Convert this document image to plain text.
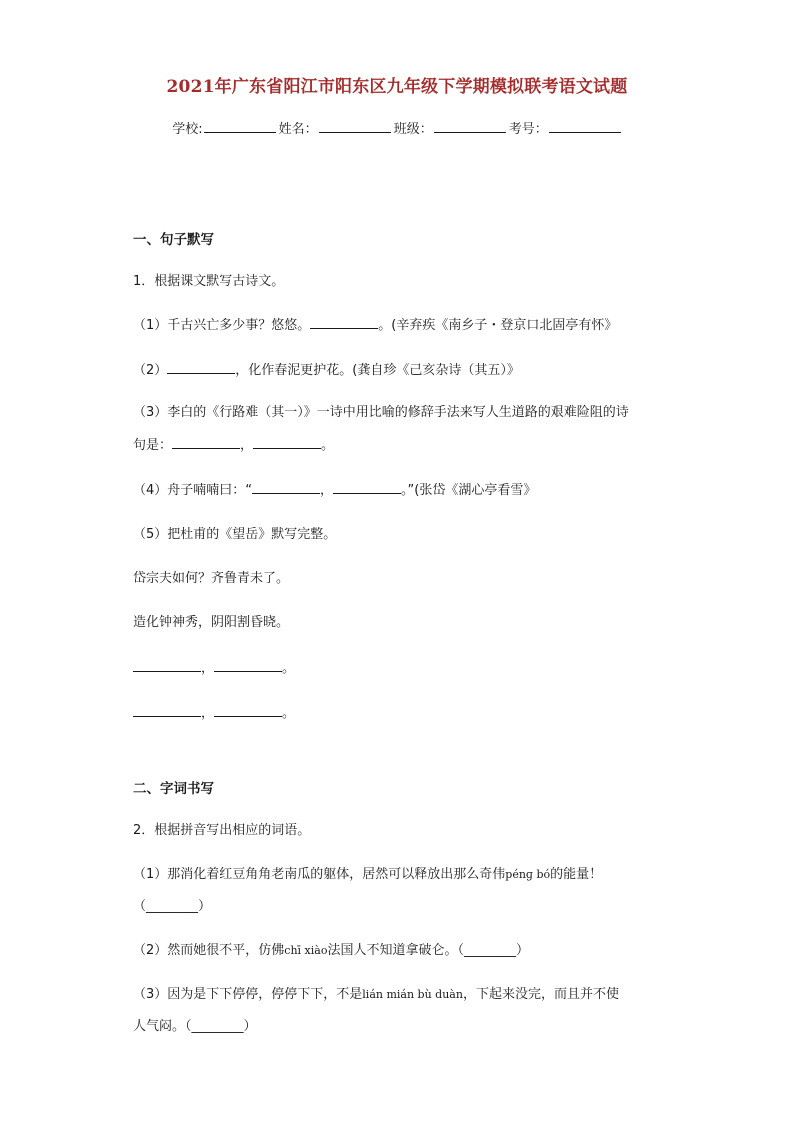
2021年广东省阳江市阳东区九年级下学期模拟联考语文试题
学校:	姓名：	班级：	考号：
一、句子默写
1．根据课文默写古诗文。
（1）千古兴亡多少事？悠悠。	。(辛弃疾《南乡子・登京口北固亭有怀》
（2）	，化作春泥更护花。(龚自珍《己亥杂诗（其五）》
（3）李白的《行路难（其一）》一诗中用比喻的修辞手法来写人生道路的艰难险阻的诗
句是：	，	。
（4）舟子喃喃曰：“	，	。”(张岱《湖心亭看雪》
（5）把杜甫的《望岳》默写完整。
岱宗夫如何？齐鲁青未了。
造化钟神秀，阴阳割昏晓。
，	。
，	。
二、字词书写
2．根据拼音写出相应的词语。
（1）那消化着红豆角角老南瓜的躯体，居然可以释放出那么奇伟pénɡ bó的能量！
（________）
（2）然而她很不平，仿佛chī xiào法国人不知道拿破仑。（________）
（3）因为是下下停停，停停下下，不是lián mián bù duàn，下起来没完，而且并不使
人气闷。（________）
